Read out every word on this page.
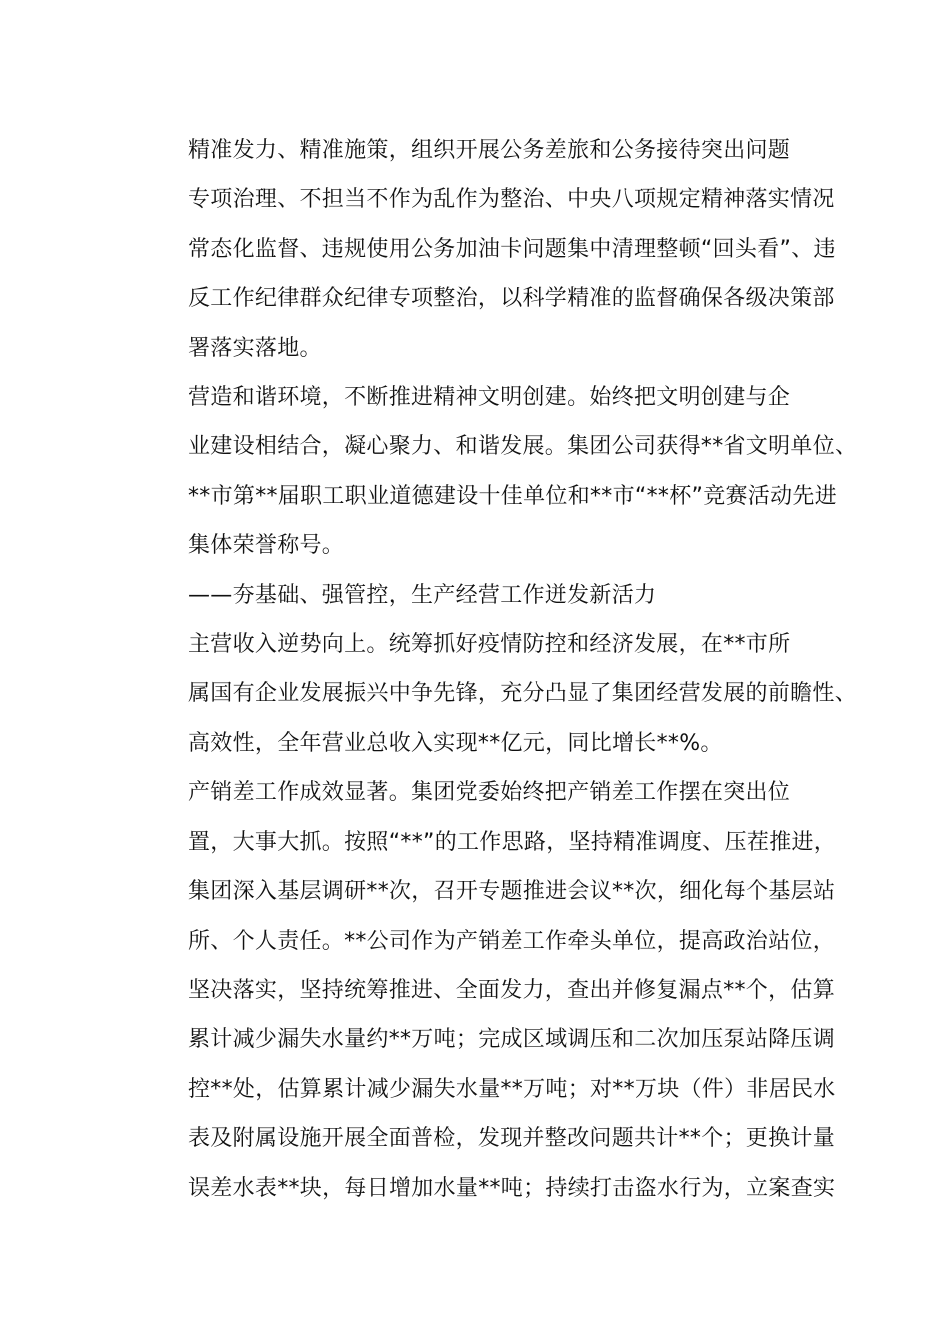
精准发力、精准施策，组织开展公务差旅和公务接待突出问题
专项治理、不担当不作为乱作为整治、中央八项规定精神落实情况
常态化监督、违规使用公务加油卡问题集中清理整顿“回头看”、违
反工作纪律群众纪律专项整治，以科学精准的监督确保各级决策部
署落实落地。

营造和谐环境，不断推进精神文明创建。始终把文明创建与企
业建设相结合，凝心聚力、和谐发展。集团公司获得**省文明单位、
**市第**届职工职业道德建设十佳单位和**市“**杯”竞赛活动先进
集体荣誉称号。

——夯基础、强管控，生产经营工作迸发新活力

主营收入逆势向上。统筹抓好疫情防控和经济发展，在**市所
属国有企业发展振兴中争先锋，充分凸显了集团经营发展的前瞻性、
高效性，全年营业总收入实现**亿元，同比增长**%。

产销差工作成效显著。集团党委始终把产销差工作摆在突出位
置，大事大抓。按照“**”的工作思路，坚持精准调度、压茬推进，
集团深入基层调研**次，召开专题推进会议**次，细化每个基层站
所、个人责任。**公司作为产销差工作牵头单位，提高政治站位，
坚决落实，坚持统筹推进、全面发力，查出并修复漏点**个，估算
累计减少漏失水量约**万吨；完成区域调压和二次加压泵站降压调
控**处，估算累计减少漏失水量**万吨；对**万块（件）非居民水
表及附属设施开展全面普检，发现并整改问题共计**个；更换计量
误差水表**块，每日增加水量**吨；持续打击盗水行为，立案查实
